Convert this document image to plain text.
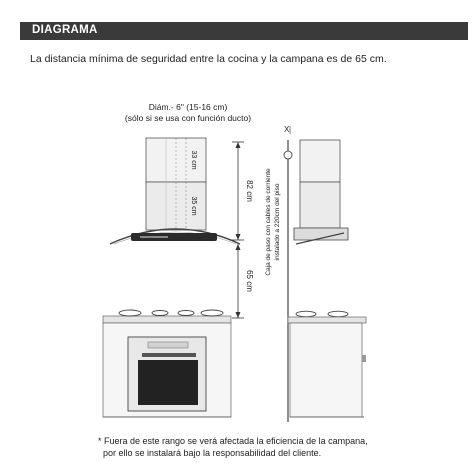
DIAGRAMA
La distancia mínima de seguridad entre la cocina y la campana es de 65 cm.
Diám.- 6" (15-16 cm)
(sólo si se usa con función ducto)
33 cm
35 cm
82 cm
65 cm
X
Caja de paso con cables de corriente instalado a 220cm del piso
* Fuera de este rango se verá afectada la eficiencia de la campana,
por ello se instalará bajo la responsabilidad del cliente.
